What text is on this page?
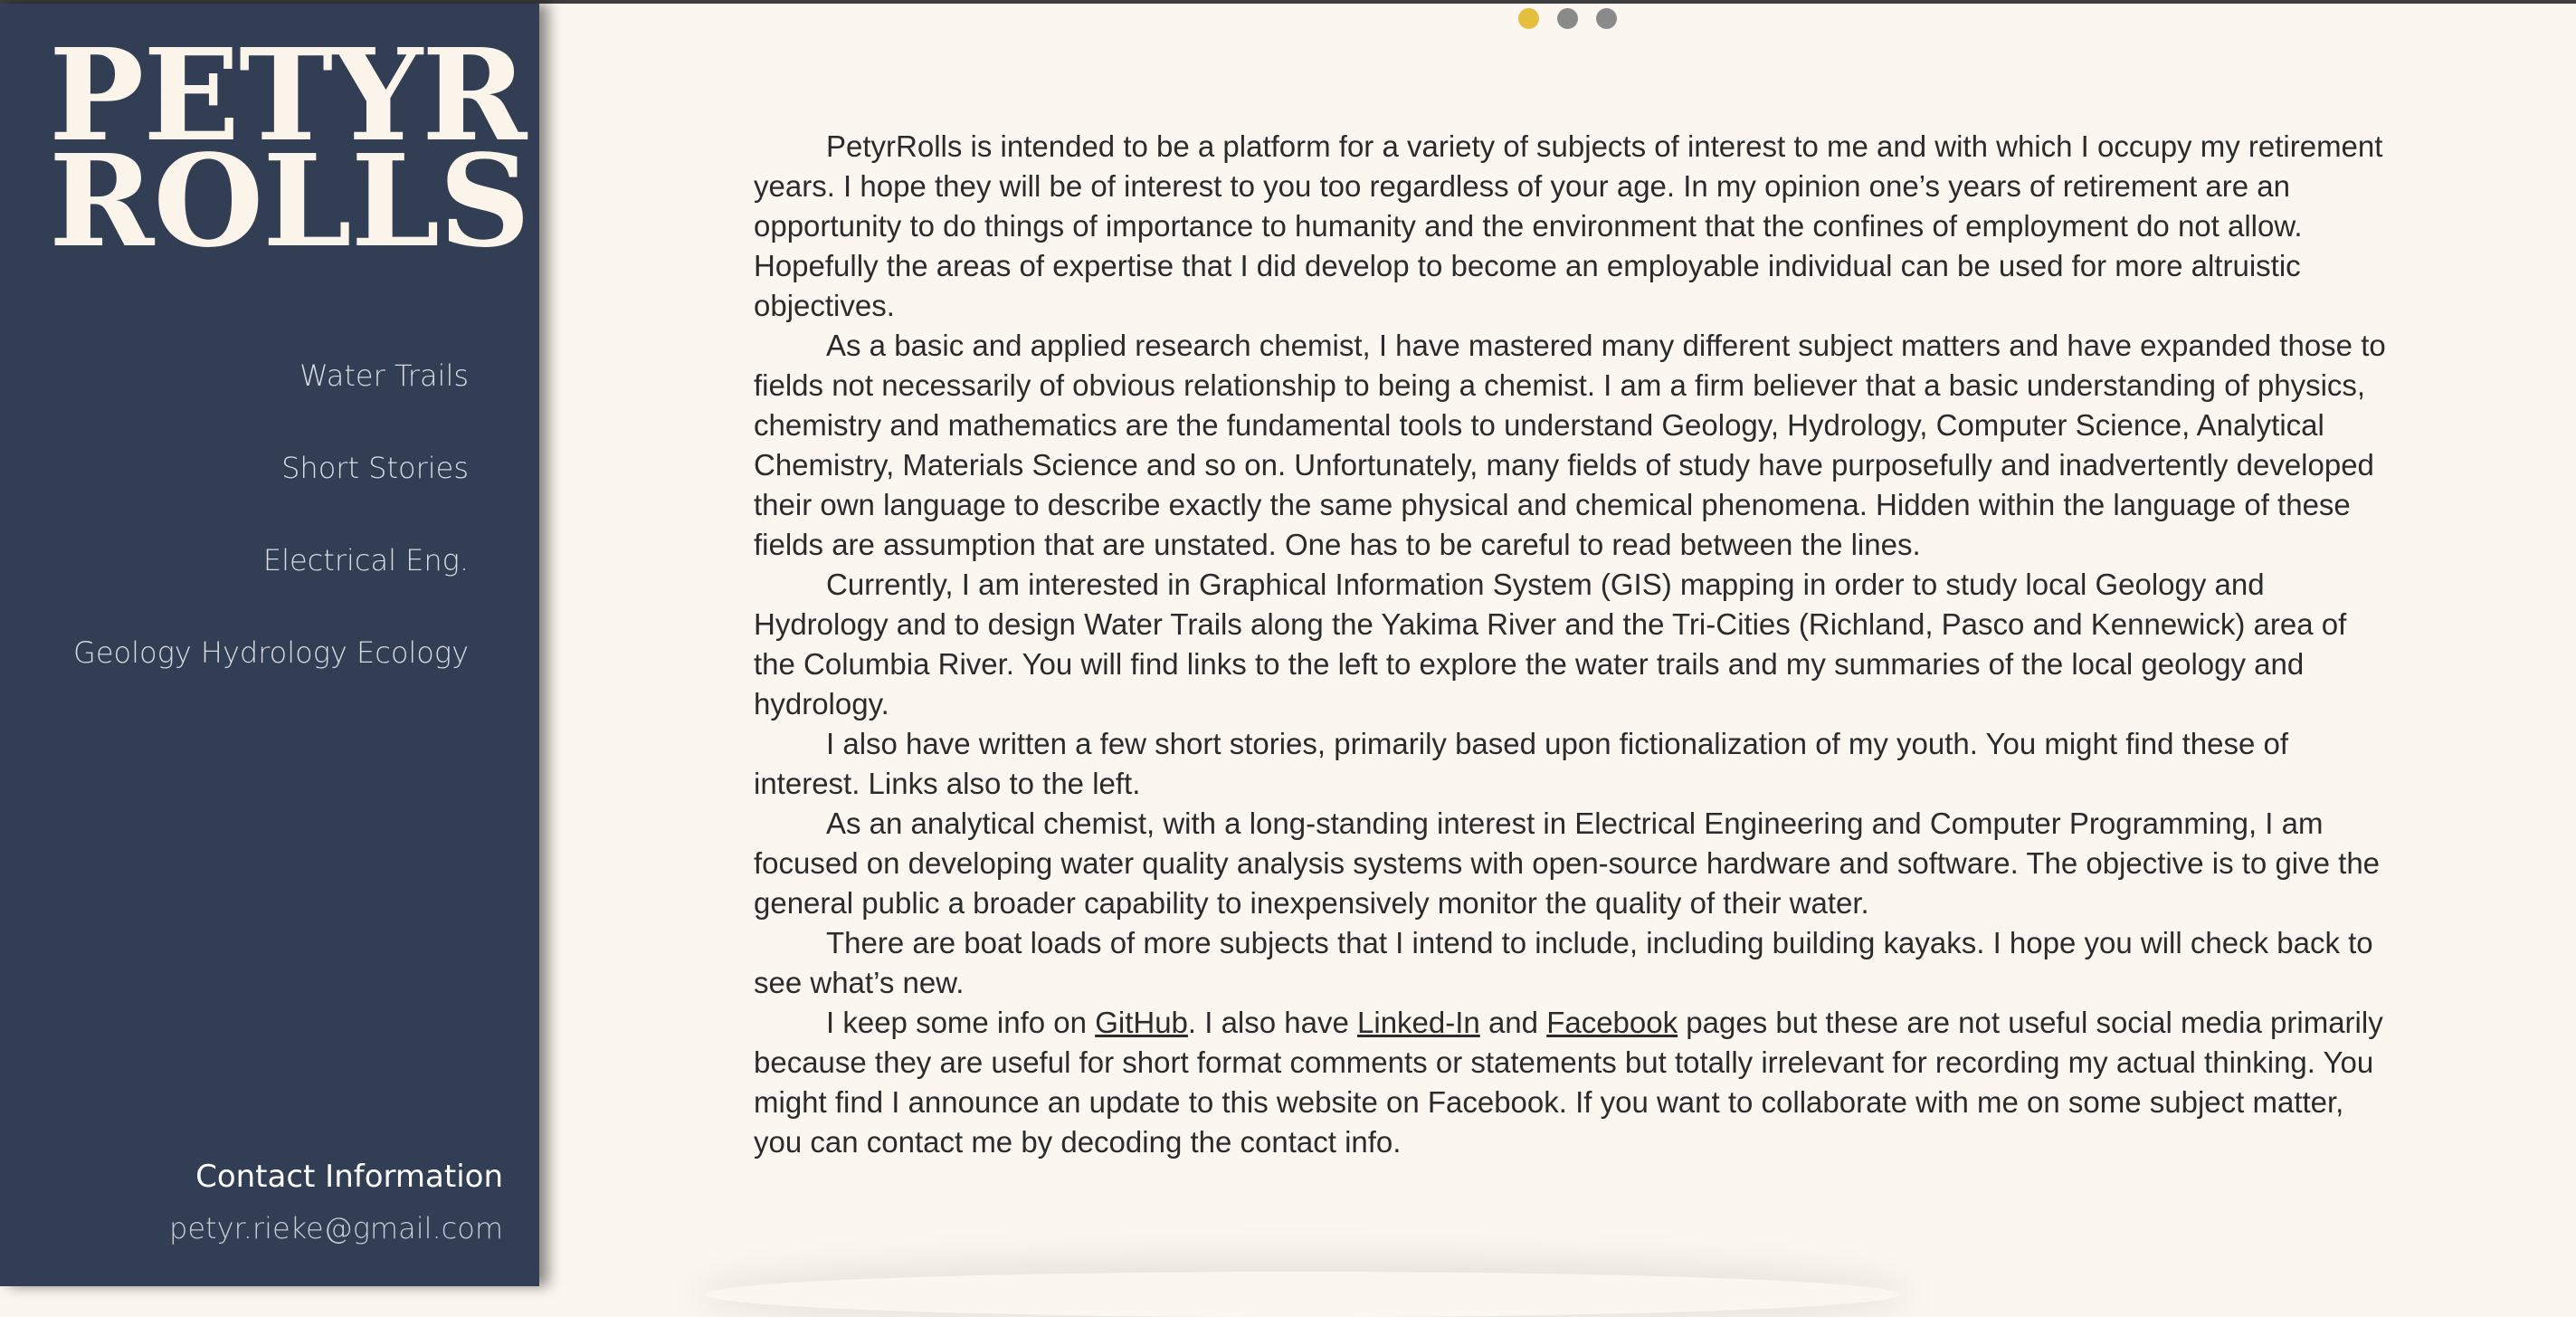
PETYR
ROLLS
Water Trails
Short Stories
Electrical Eng.
Geology Hydrology Ecology
Contact Information
petyr.rieke@gmail.com

PetyrRolls is intended to be a platform for a variety of subjects of interest to me and with which I occupy my retirement years. I hope they will be of interest to you too regardless of your age. In my opinion one’s years of retirement are an opportunity to do things of importance to humanity and the environment that the confines of employment do not allow. Hopefully the areas of expertise that I did develop to become an employable individual can be used for more altruistic objectives.

As a basic and applied research chemist, I have mastered many different subject matters and have expanded those to fields not necessarily of obvious relationship to being a chemist. I am a firm believer that a basic understanding of physics, chemistry and mathematics are the fundamental tools to understand Geology, Hydrology, Computer Science, Analytical Chemistry, Materials Science and so on. Unfortunately, many fields of study have purposefully and inadvertently developed their own language to describe exactly the same physical and chemical phenomena. Hidden within the language of these fields are assumption that are unstated. One has to be careful to read between the lines.

Currently, I am interested in Graphical Information System (GIS) mapping in order to study local Geology and Hydrology and to design Water Trails along the Yakima River and the Tri-Cities (Richland, Pasco and Kennewick) area of the Columbia River. You will find links to the left to explore the water trails and my summaries of the local geology and hydrology.

I also have written a few short stories, primarily based upon fictionalization of my youth. You might find these of interest. Links also to the left.

As an analytical chemist, with a long-standing interest in Electrical Engineering and Computer Programming, I am focused on developing water quality analysis systems with open-source hardware and software. The objective is to give the general public a broader capability to inexpensively monitor the quality of their water.

There are boat loads of more subjects that I intend to include, including building kayaks. I hope you will check back to see what’s new.

I keep some info on GitHub. I also have Linked-In and Facebook pages but these are not useful social media primarily because they are useful for short format comments or statements but totally irrelevant for recording my actual thinking. You might find I announce an update to this website on Facebook. If you want to collaborate with me on some subject matter, you can contact me by decoding the contact info.
